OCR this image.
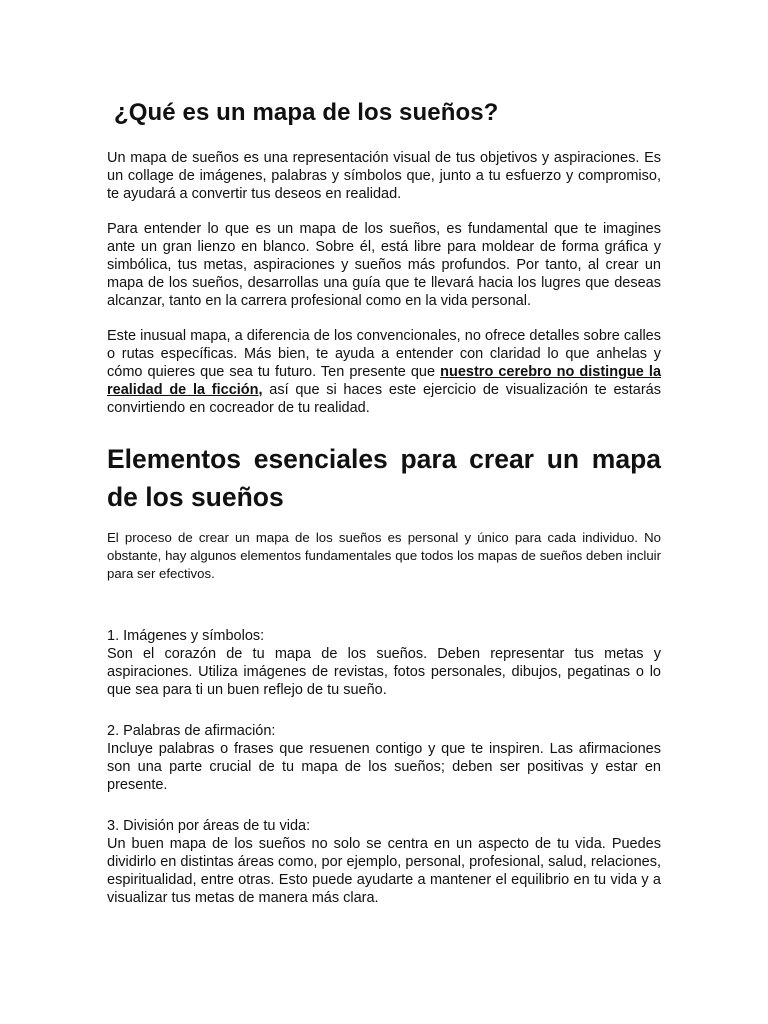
¿Qué es un mapa de los sueños?

Un mapa de sueños es una representación visual de tus objetivos y aspiraciones. Es un collage de imágenes, palabras y símbolos que, junto a tu esfuerzo y compromiso, te ayudará a convertir tus deseos en realidad.

Para entender lo que es un mapa de los sueños, es fundamental que te imagines ante un gran lienzo en blanco. Sobre él, está libre para moldear de forma gráfica y simbólica, tus metas, aspiraciones y sueños más profundos. Por tanto, al crear un mapa de los sueños, desarrollas una guía que te llevará hacia los lugres que deseas alcanzar, tanto en la carrera profesional como en la vida personal.

Este inusual mapa, a diferencia de los convencionales, no ofrece detalles sobre calles o rutas específicas. Más bien, te ayuda a entender con claridad lo que anhelas y cómo quieres que sea tu futuro. Ten presente que nuestro cerebro no distingue la realidad de la ficción, así que si haces este ejercicio de visualización te estarás convirtiendo en cocreador de tu realidad.

Elementos esenciales para crear un mapa de los sueños

El proceso de crear un mapa de los sueños es personal y único para cada individuo. No obstante, hay algunos elementos fundamentales que todos los mapas de sueños deben incluir para ser efectivos.

1. Imágenes y símbolos:
Son el corazón de tu mapa de los sueños. Deben representar tus metas y aspiraciones. Utiliza imágenes de revistas, fotos personales, dibujos, pegatinas o lo que sea para ti un buen reflejo de tu sueño.

2. Palabras de afirmación:
Incluye palabras o frases que resuenen contigo y que te inspiren. Las afirmaciones son una parte crucial de tu mapa de los sueños; deben ser positivas y estar en presente.

3. División por áreas de tu vida:
Un buen mapa de los sueños no solo se centra en un aspecto de tu vida. Puedes dividirlo en distintas áreas como, por ejemplo, personal, profesional, salud, relaciones, espiritualidad, entre otras. Esto puede ayudarte a mantener el equilibrio en tu vida y a visualizar tus metas de manera más clara.
